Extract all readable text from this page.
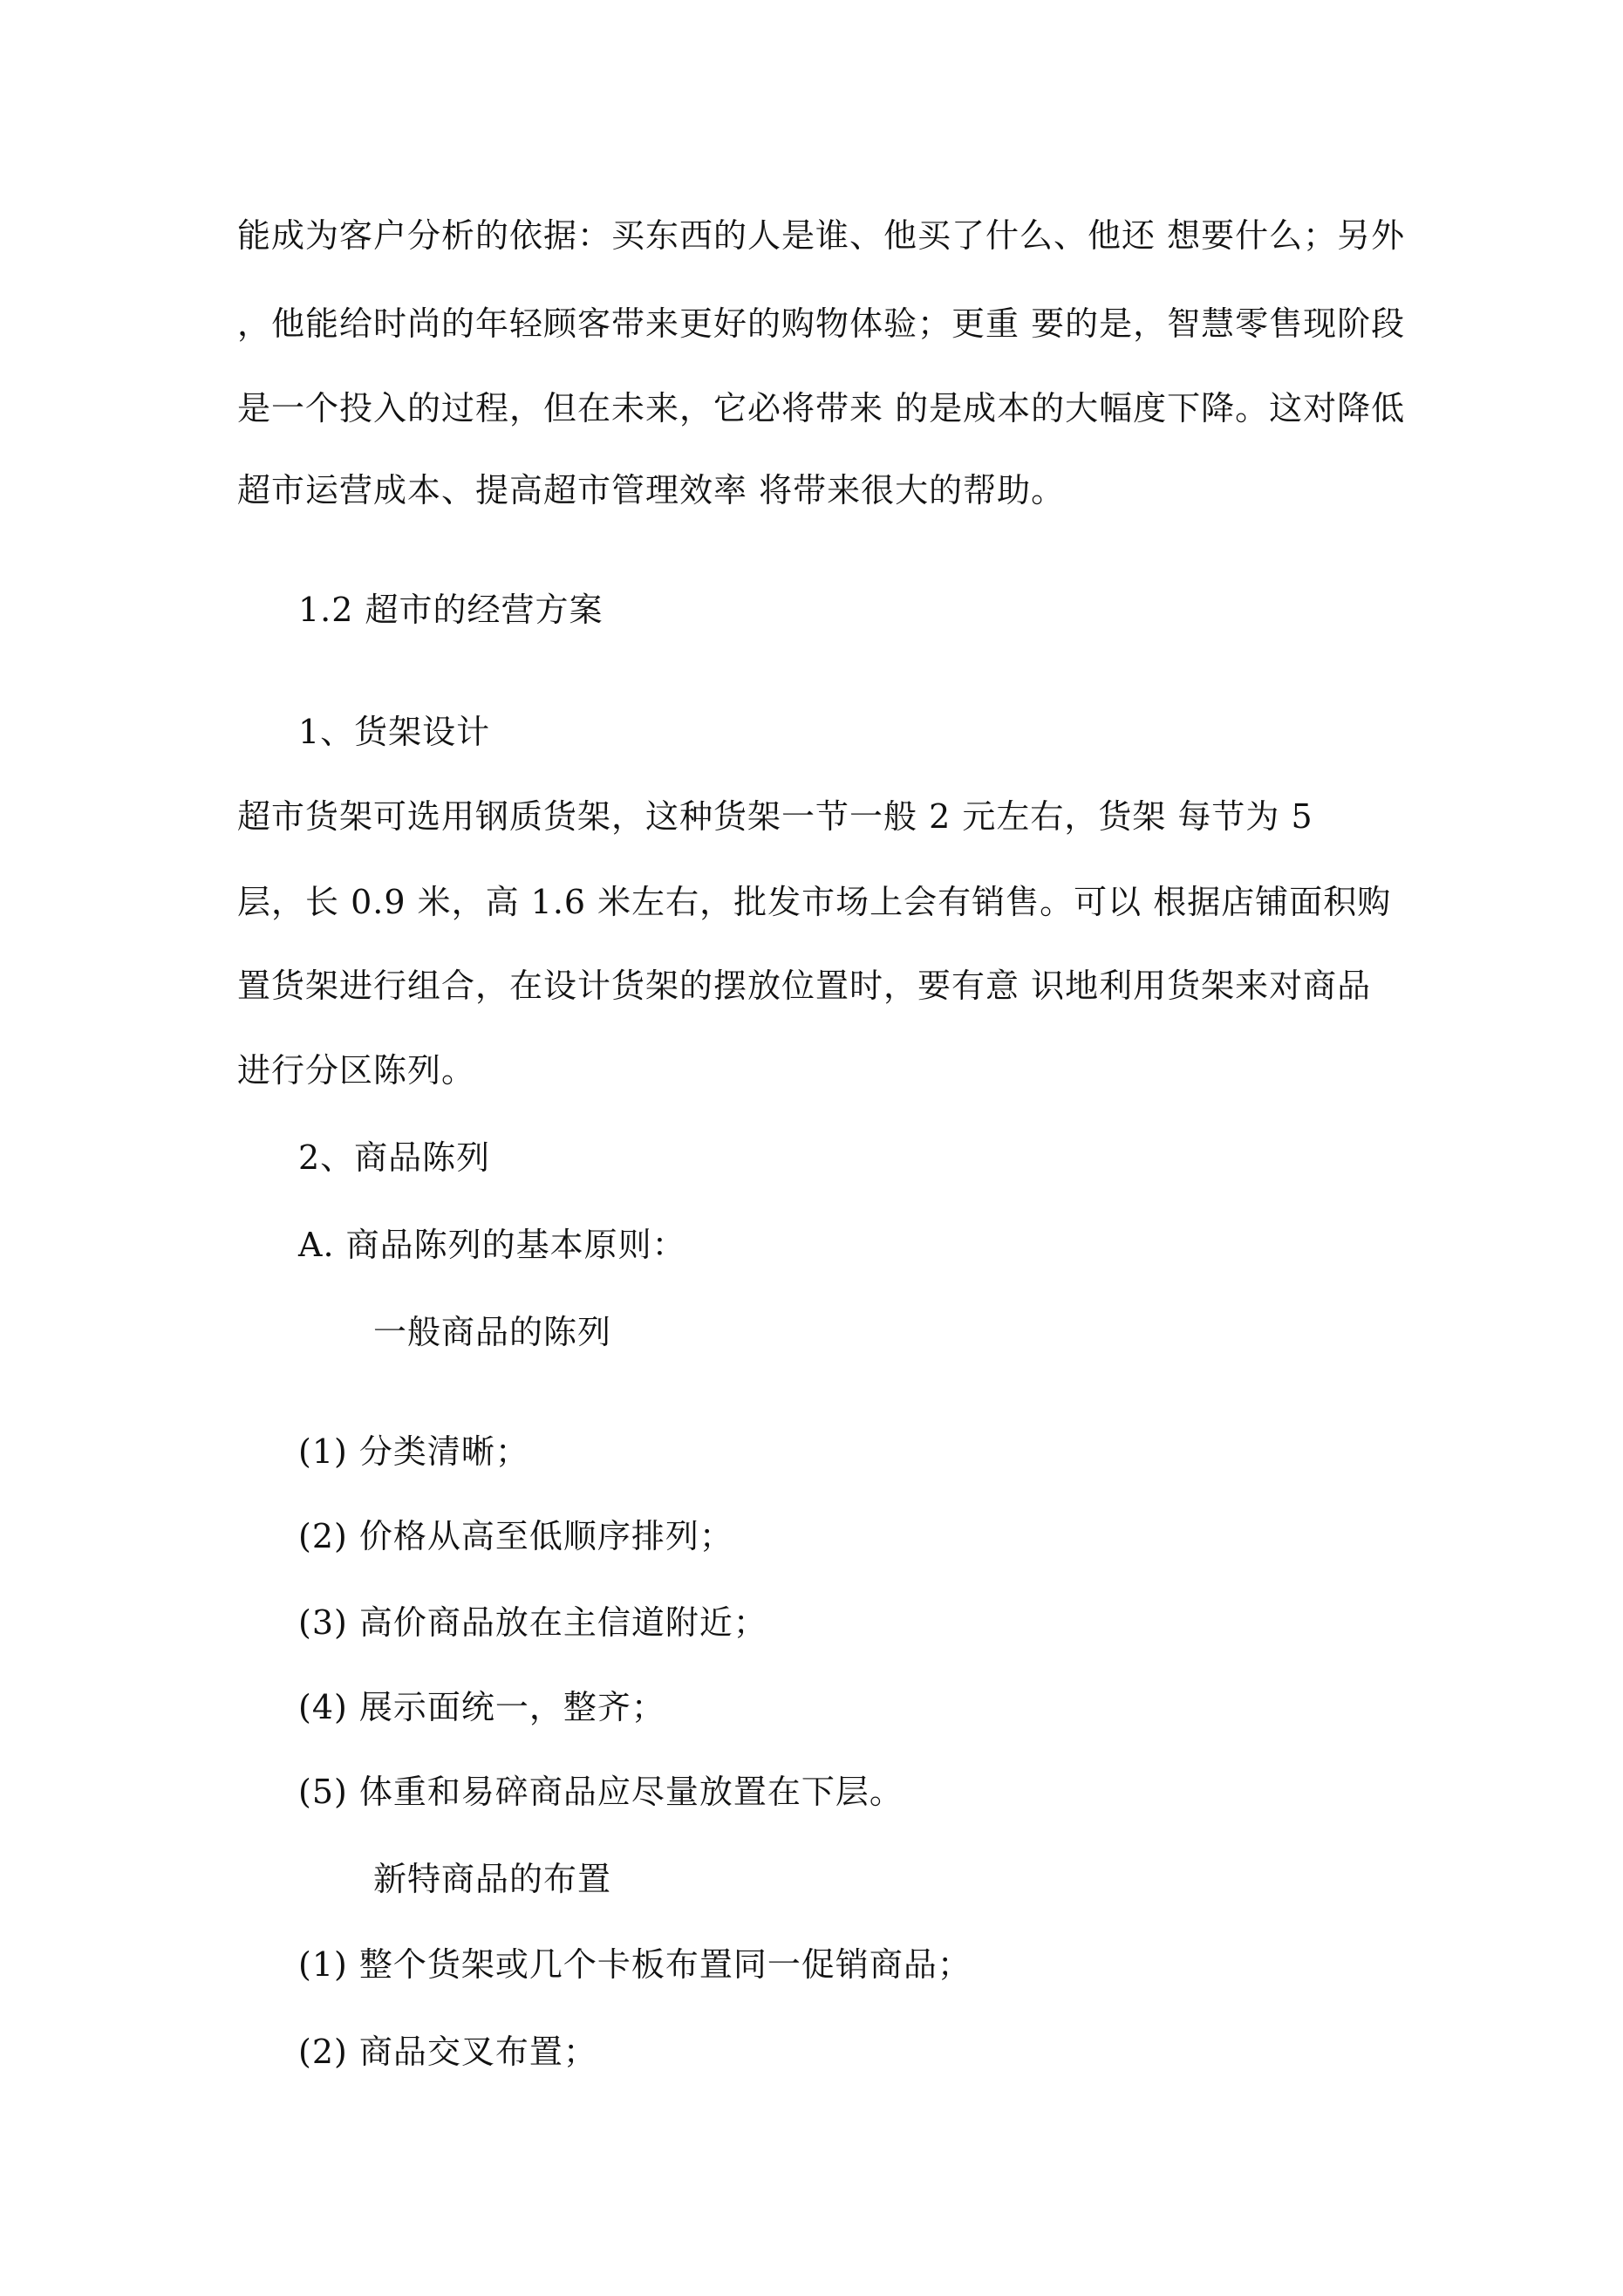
能成为客户分析的依据：买东西的人是谁、他买了什么、他还 想要什么；另外
，他能给时尚的年轻顾客带来更好的购物体验；更重 要的是，智慧零售现阶段
是一个投入的过程，但在未来，它必将带来 的是成本的大幅度下降。这对降低
超市运营成本、提高超市管理效率 将带来很大的帮助。
1.2 超市的经营方案
1、货架设计
超市货架可选用钢质货架，这种货架一节一般 2 元左右，货架 每节为 5
层，长 0.9 米，高 1.6 米左右，批发市场上会有销售。可以 根据店铺面积购
置货架进行组合，在设计货架的摆放位置时，要有意 识地利用货架来对商品
进行分区陈列。
2、商品陈列
A. 商品陈列的基本原则：
一般商品的陈列
(1) 分类清晰；
(2) 价格从高至低顺序排列；
(3) 高价商品放在主信道附近；
(4) 展示面统一，整齐；
(5) 体重和易碎商品应尽量放置在下层。
新特商品的布置
(1) 整个货架或几个卡板布置同一促销商品；
(2) 商品交叉布置；
